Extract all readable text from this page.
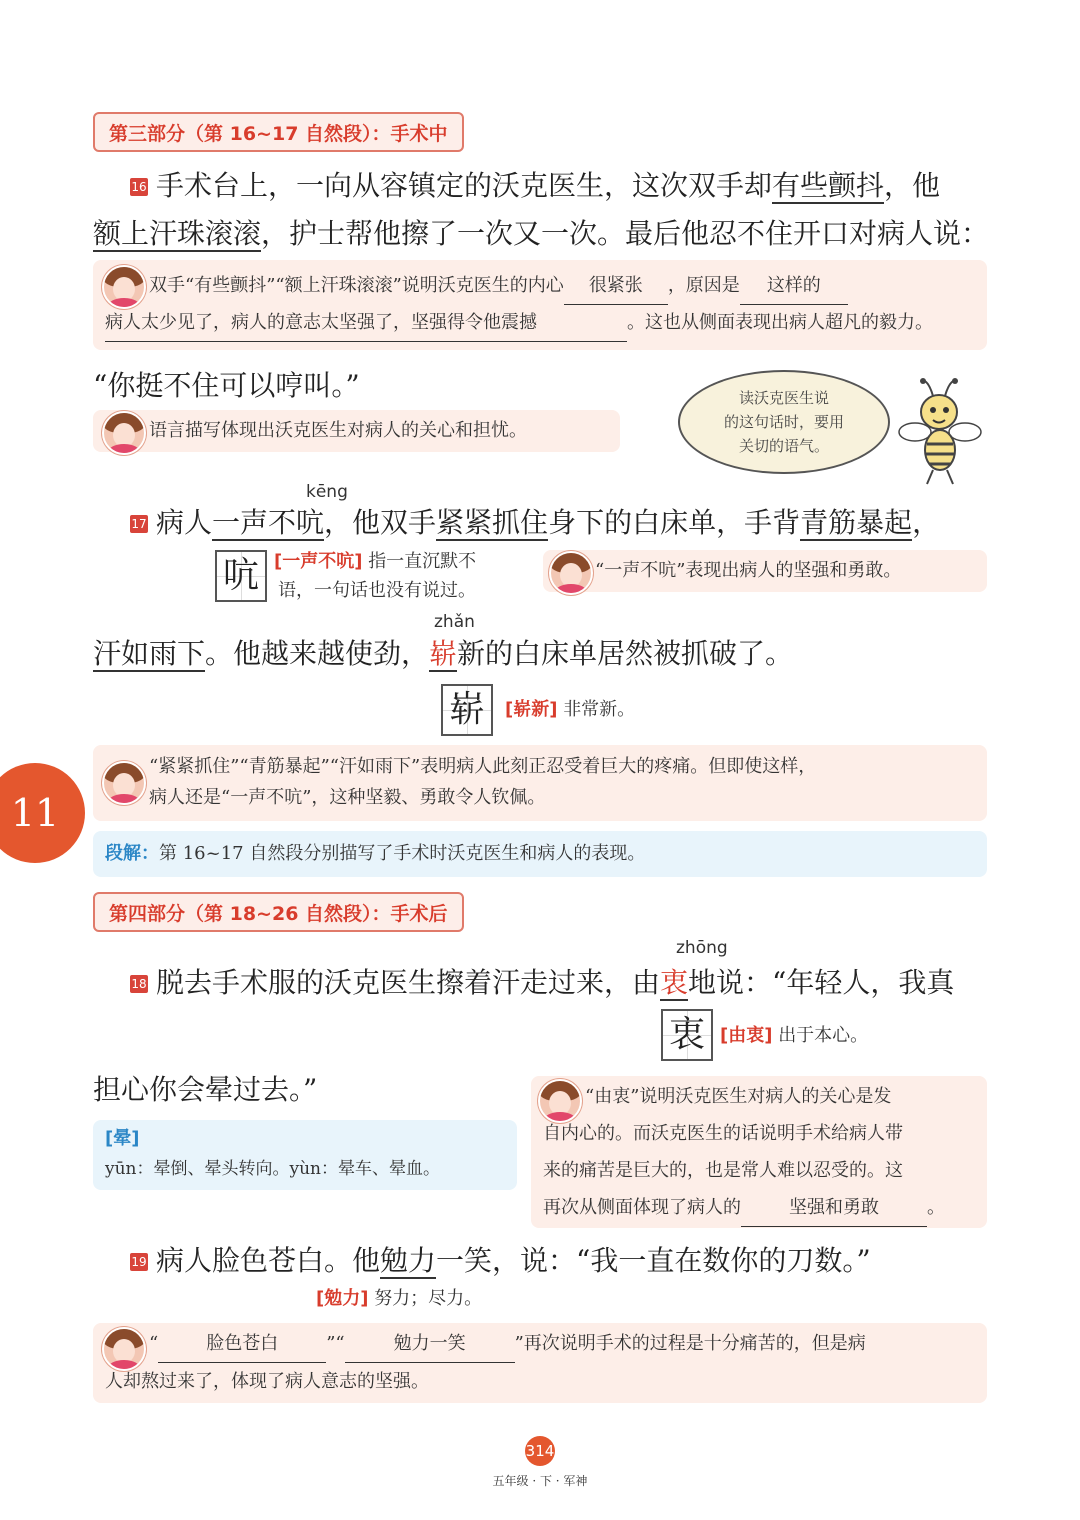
第三部分（第 16~17 自然段）：手术中
16 手术台上，一向从容镇定的沃克医生，这次双手却有些颤抖，他
额上汗珠滚滚，护士帮他擦了一次又一次。最后他忍不住开口对病人说：
双手“有些颤抖”“额上汗珠滚滚”说明沃克医生的内心 很紧张 ，原因是 这样的
病人太少见了，病人的意志太坚强了，坚强得令他震撼	。这也从侧面表现出病人超凡的毅力。
“你挺不住可以哼叫。”
语言描写体现出沃克医生对病人的关心和担忧。
读沃克医生说
的这句话时，要用
关切的语气。
kēng
17 病人一声不吭，他双手紧紧抓住身下的白床单，手背青筋暴起，
吭 [一声不吭] 指一直沉默不
语，一句话也没有说过。
“一声不吭”表现出病人的坚强和勇敢。
zhǎn
汗如雨下。他越来越使劲，崭新的白床单居然被抓破了。
崭	[崭新] 非常新。
“紧紧抓住”“青筋暴起”“汗如雨下”表明病人此刻正忍受着巨大的疼痛。但即使这样，
病人还是“一声不吭”，这种坚毅、勇敢令人钦佩。
11
段解：第 16~17 自然段分别描写了手术时沃克医生和病人的表现。
第四部分（第 18~26 自然段）：手术后
zhōng
18 脱去手术服的沃克医生擦着汗走过来，由衷地说：“年轻人，我真
衷 [由衷] 出于本心。
担心你会晕过去。”
[晕]
yūn：晕倒、晕头转向。yùn：晕车、晕血。
“由衷”说明沃克医生对病人的关心是发
自内心的。而沃克医生的话说明手术给病人带
来的痛苦是巨大的，也是常人难以忍受的。这
再次从侧面体现了病人的	坚强和勇敢	。
19 病人脸色苍白。他勉力一笑，说：“我一直在数你的刀数。”
[勉力] 努力；尽力。
“	脸色苍白	”“	勉力一笑	”再次说明手术的过程是十分痛苦的，但是病
人却熬过来了，体现了病人意志的坚强。
314
五年级 · 下 · 军神
